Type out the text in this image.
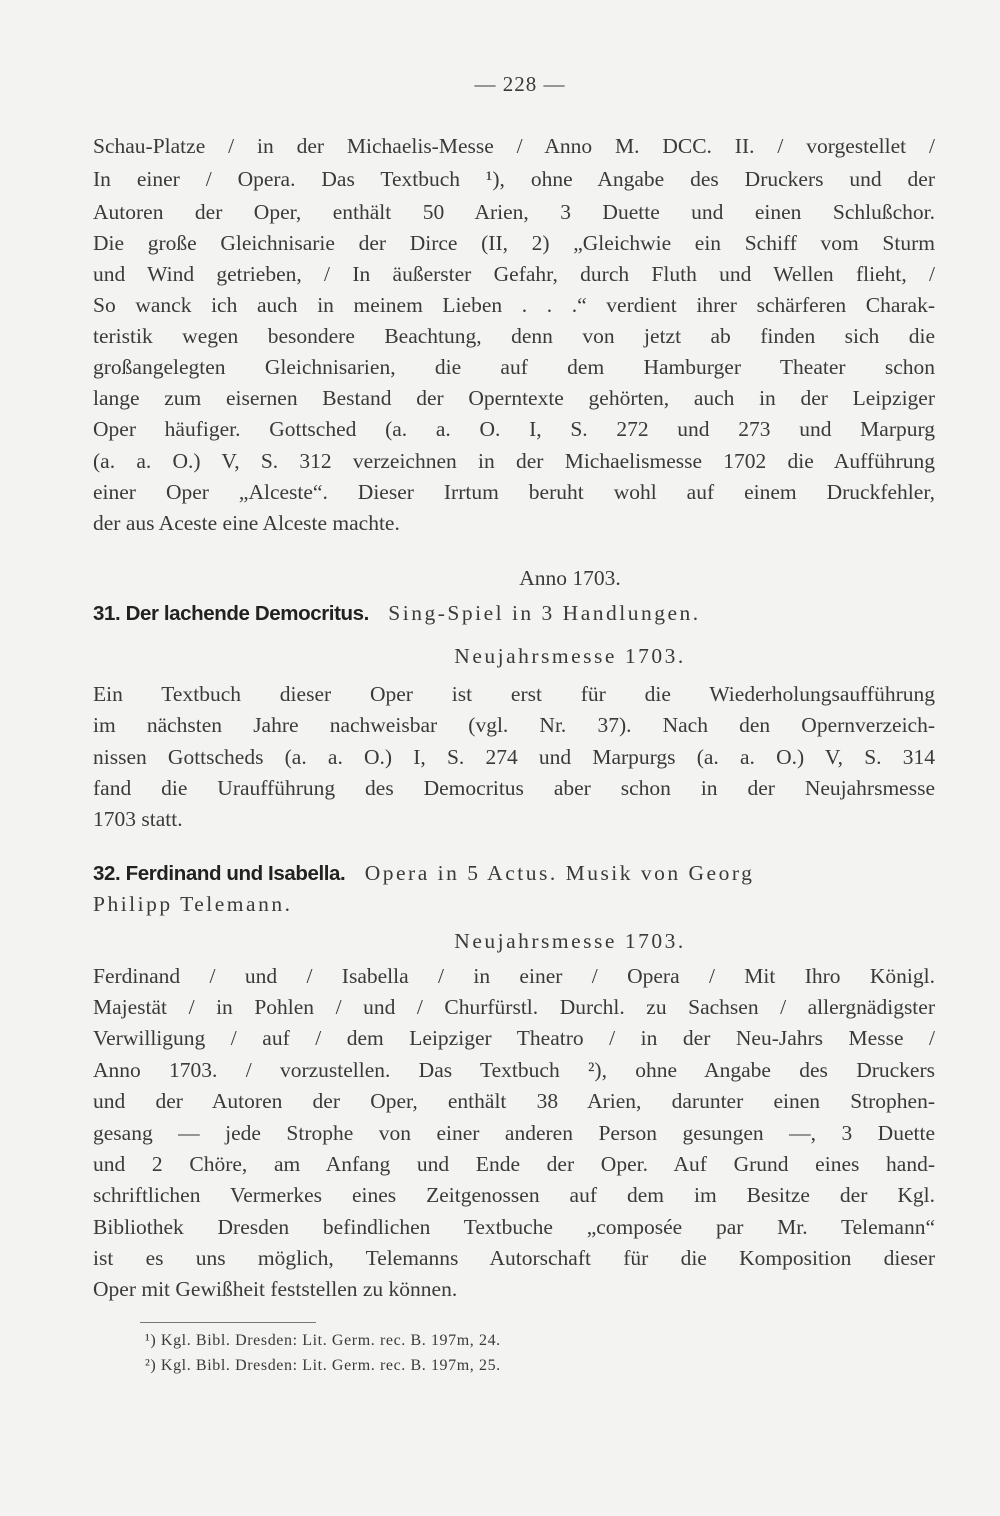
— 228 —
Schau-Platze / in der Michaelis-Messe / Anno M. DCC. II. / vorgestellet /
In einer / Opera. Das Textbuch ¹), ohne Angabe des Druckers und der
Autoren der Oper, enthält 50 Arien, 3 Duette und einen Schlußchor.
Die große Gleichnisarie der Dirce (II, 2) „Gleichwie ein Schiff vom Sturm
und Wind getrieben, / In äußerster Gefahr, durch Fluth und Wellen flieht, /
So wanck ich auch in meinem Lieben . . .“ verdient ihrer schärferen Charak-
teristik wegen besondere Beachtung, denn von jetzt ab finden sich die
großangelegten Gleichnisarien, die auf dem Hamburger Theater schon
lange zum eisernen Bestand der Operntexte gehörten, auch in der Leipziger
Oper häufiger. Gottsched (a. a. O. I, S. 272 und 273 und Marpurg
(a. a. O.) V, S. 312 verzeichnen in der Michaelismesse 1702 die Aufführung
einer Oper „Alceste“. Dieser Irrtum beruht wohl auf einem Druckfehler,
der aus Aceste eine Alceste machte.
Anno 1703.
31. Der lachende Democritus. Sing-Spiel in 3 Handlungen.
Neujahrsmesse 1703.
Ein Textbuch dieser Oper ist erst für die Wiederholungsaufführung
im nächsten Jahre nachweisbar (vgl. Nr. 37). Nach den Opernverzeich-
nissen Gottscheds (a. a. O.) I, S. 274 und Marpurgs (a. a. O.) V, S. 314
fand die Uraufführung des Democritus aber schon in der Neujahrsmesse
1703 statt.
32. Ferdinand und Isabella. Opera in 5 Actus. Musik von Georg
Philipp Telemann.
Neujahrsmesse 1703.
Ferdinand / und / Isabella / in einer / Opera / Mit Ihro Königl.
Majestät / in Pohlen / und / Churfürstl. Durchl. zu Sachsen / allergnädigster
Verwilligung / auf / dem Leipziger Theatro / in der Neu-Jahrs Messe /
Anno 1703. / vorzustellen. Das Textbuch ²), ohne Angabe des Druckers
und der Autoren der Oper, enthält 38 Arien, darunter einen Strophen-
gesang — jede Strophe von einer anderen Person gesungen —, 3 Duette
und 2 Chöre, am Anfang und Ende der Oper. Auf Grund eines hand-
schriftlichen Vermerkes eines Zeitgenossen auf dem im Besitze der Kgl.
Bibliothek Dresden befindlichen Textbuche „composée par Mr. Telemann“
ist es uns möglich, Telemanns Autorschaft für die Komposition dieser
Oper mit Gewißheit feststellen zu können.
¹) Kgl. Bibl. Dresden: Lit. Germ. rec. B. 197m, 24.
²) Kgl. Bibl. Dresden: Lit. Germ. rec. B. 197m, 25.
